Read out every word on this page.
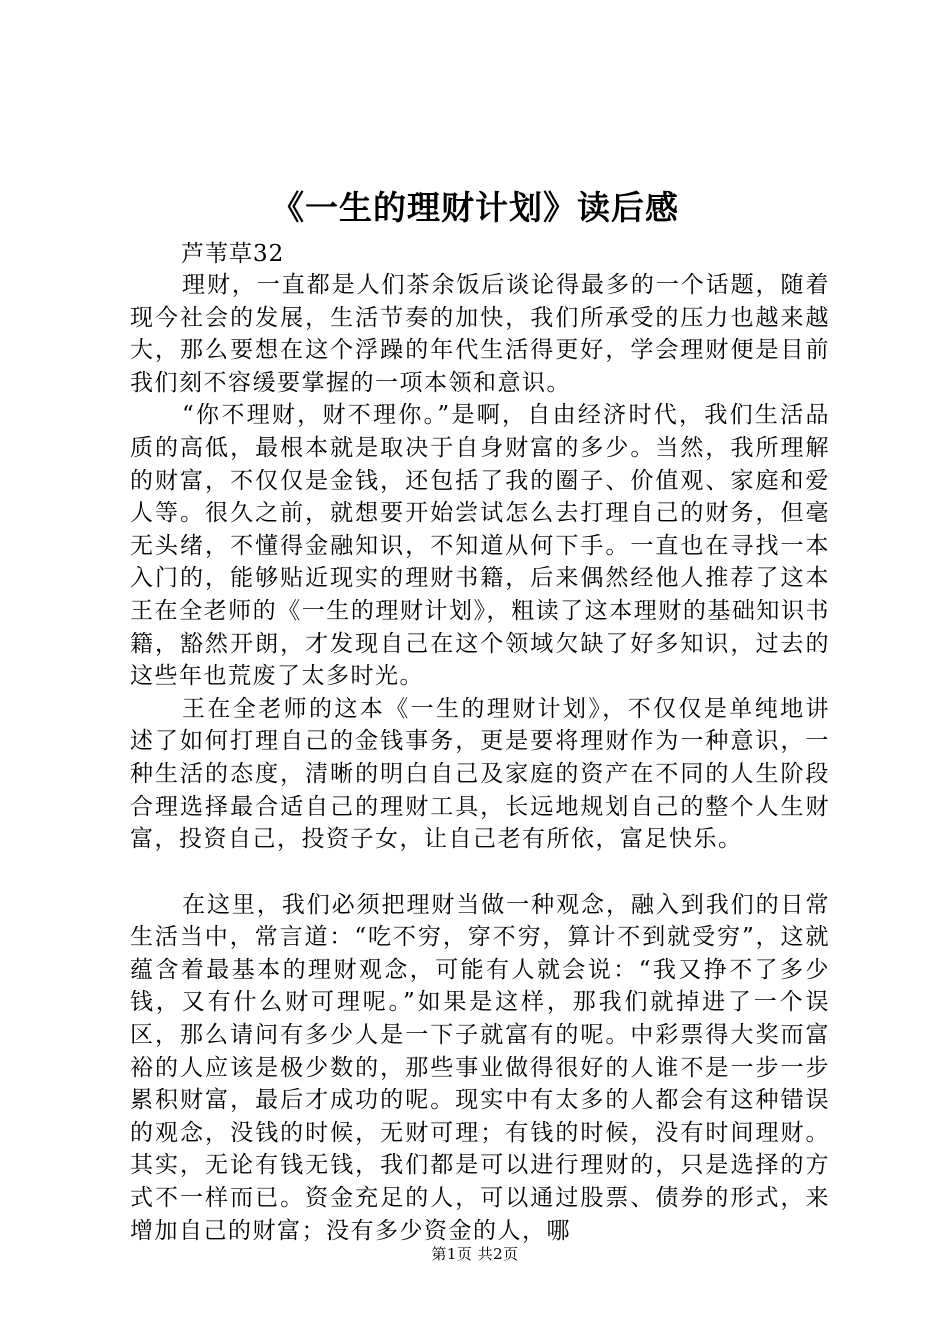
《一生的理财计划》读后感
芦苇草32

理财，一直都是人们茶余饭后谈论得最多的一个话题，随着现今社会的发展，生活节奏的加快，我们所承受的压力也越来越大，那么要想在这个浮躁的年代生活得更好，学会理财便是目前我们刻不容缓要掌握的一项本领和意识。

“你不理财，财不理你。”是啊，自由经济时代，我们生活品质的高低，最根本就是取决于自身财富的多少。当然，我所理解的财富，不仅仅是金钱，还包括了我的圈子、价值观、家庭和爱人等。很久之前，就想要开始尝试怎么去打理自己的财务，但毫无头绪，不懂得金融知识，不知道从何下手。一直也在寻找一本入门的，能够贴近现实的理财书籍，后来偶然经他人推荐了这本王在全老师的《一生的理财计划》，粗读了这本理财的基础知识书籍，豁然开朗，才发现自己在这个领域欠缺了好多知识，过去的这些年也荒废了太多时光。

王在全老师的这本《一生的理财计划》，不仅仅是单纯地讲述了如何打理自己的金钱事务，更是要将理财作为一种意识，一种生活的态度，清晰的明白自己及家庭的资产在不同的人生阶段合理选择最合适自己的理财工具，长远地规划自己的整个人生财富，投资自己，投资子女，让自己老有所依，富足快乐。

在这里，我们必须把理财当做一种观念，融入到我们的日常生活当中，常言道：“吃不穷，穿不穷，算计不到就受穷”，这就蕴含着最基本的理财观念，可能有人就会说：“我又挣不了多少钱，又有什么财可理呢。”如果是这样，那我们就掉进了一个误区，那么请问有多少人是一下子就富有的呢。中彩票得大奖而富裕的人应该是极少数的，那些事业做得很好的人谁不是一步一步累积财富，最后才成功的呢。现实中有太多的人都会有这种错误的观念，没钱的时候，无财可理；有钱的时候，没有时间理财。其实，无论有钱无钱，我们都是可以进行理财的，只是选择的方式不一样而已。资金充足的人，可以通过股票、债券的形式，来增加自己的财富；没有多少资金的人，哪

第1页 共2页
